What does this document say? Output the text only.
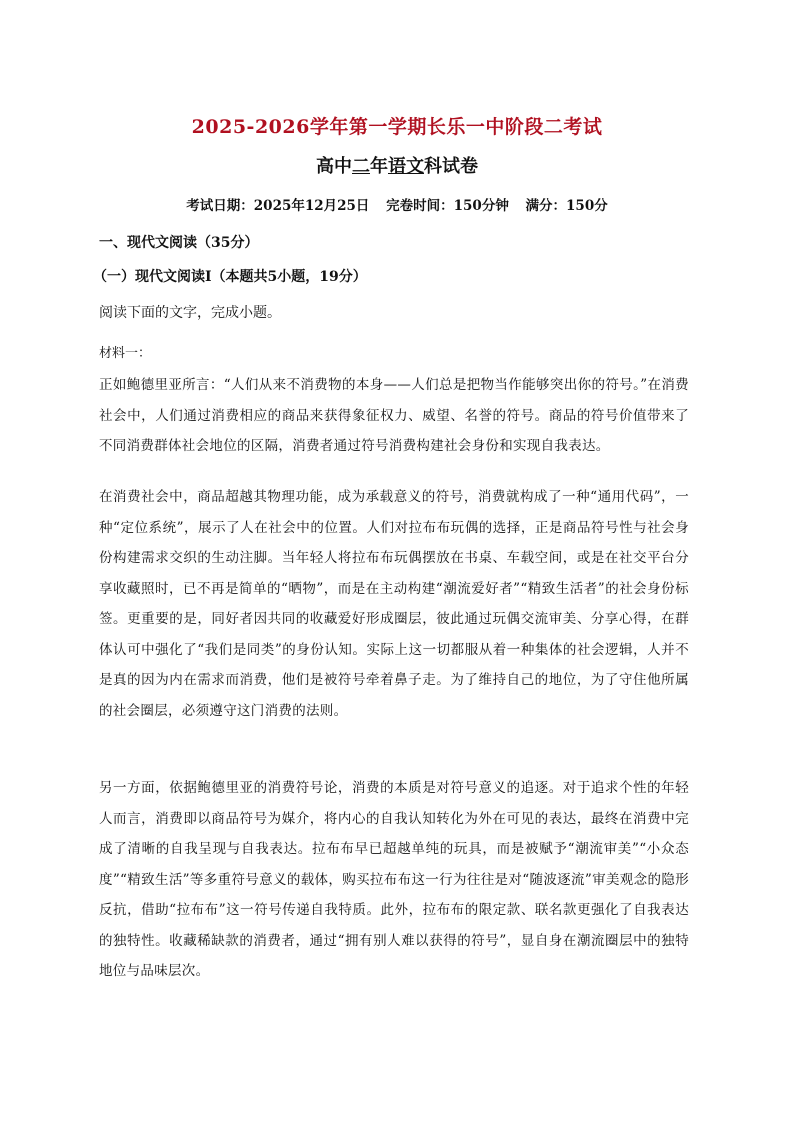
2025-2026学年第一学期长乐一中阶段二考试
高中二年语文科试卷
考试日期：2025年12月25日 完卷时间：150分钟 满分：150分
一、现代文阅读（35分）
（一）现代文阅读I（本题共5小题，19分）
阅读下面的文字，完成小题。
材料一：
正如鲍德里亚所言：“人们从来不消费物的本身——人们总是把物当作能够突出你的符号。”在消费社会中，人们通过消费相应的商品来获得象征权力、威望、名誉的符号。商品的符号价值带来了不同消费群体社会地位的区隔，消费者通过符号消费构建社会身份和实现自我表达。
在消费社会中，商品超越其物理功能，成为承载意义的符号，消费就构成了一种“通用代码”，一种“定位系统”，展示了人在社会中的位置。人们对拉布布玩偶的选择，正是商品符号性与社会身份构建需求交织的生动注脚。当年轻人将拉布布玩偶摆放在书桌、车载空间，或是在社交平台分享收藏照时，已不再是简单的“晒物”，而是在主动构建“潮流爱好者”“精致生活者”的社会身份标签。更重要的是，同好者因共同的收藏爱好形成圈层，彼此通过玩偶交流审美、分享心得，在群体认可中强化了“我们是同类”的身份认知。实际上这一切都服从着一种集体的社会逻辑，人并不是真的因为内在需求而消费，他们是被符号牵着鼻子走。为了维持自己的地位，为了守住他所属的社会圈层，必须遵守这门消费的法则。
另一方面，依据鲍德里亚的消费符号论，消费的本质是对符号意义的追逐。对于追求个性的年轻人而言，消费即以商品符号为媒介，将内心的自我认知转化为外在可见的表达，最终在消费中完成了清晰的自我呈现与自我表达。拉布布早已超越单纯的玩具，而是被赋予“潮流审美”“小众态度”“精致生活”等多重符号意义的载体，购买拉布布这一行为往往是对“随波逐流”审美观念的隐形反抗，借助“拉布布”这一符号传递自我特质。此外，拉布布的限定款、联名款更强化了自我表达的独特性。收藏稀缺款的消费者，通过“拥有别人难以获得的符号”，显自身在潮流圈层中的独特地位与品味层次。
